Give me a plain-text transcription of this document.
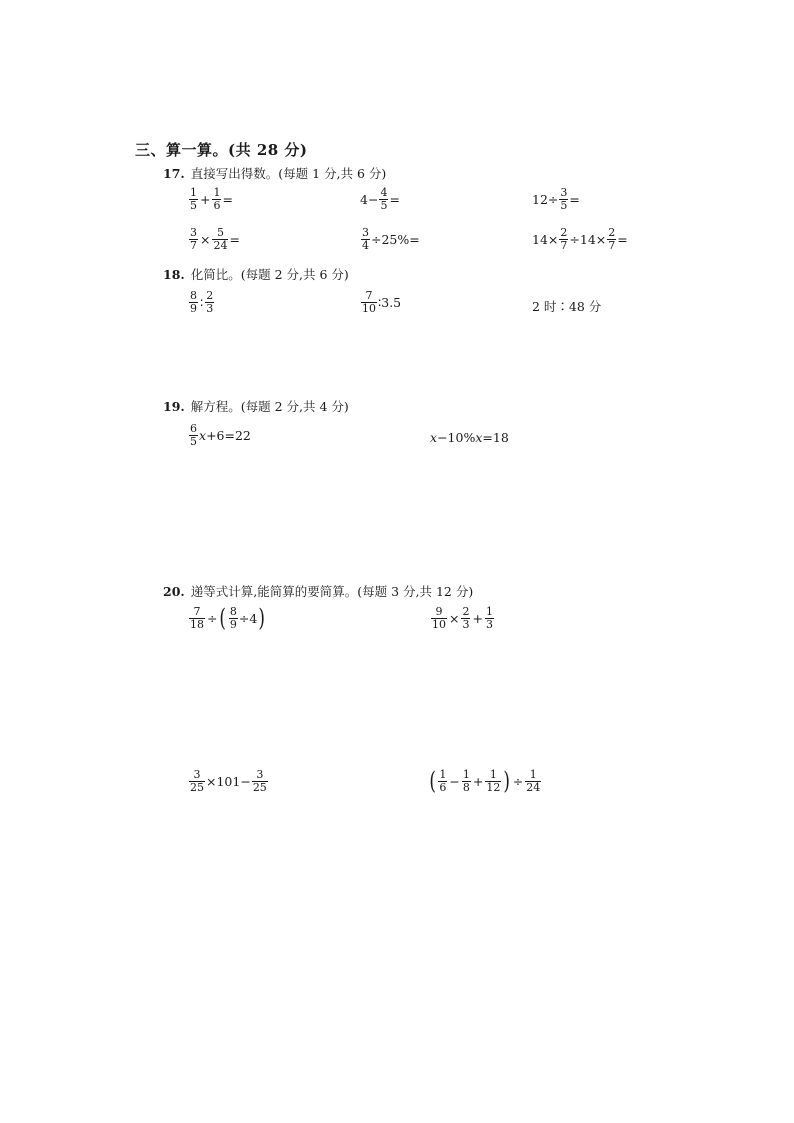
三、算一算。(共 28 分)
17. 直接写出得数。(每题 1 分,共 6 分)
$\frac{1}{5} + \frac{1}{6}$ =	$4- \frac{4}{5}$ =	$12\div \frac{3}{5}$ =
$\frac{3}{7} \times \frac{5}{24}$ =	$\frac{3}{4} \div 25\%=$	$14\times \frac{2}{7} \div 14\times \frac{2}{7}$ =
18. 化简比。(每题 2 分,共 6 分)
$\frac{8}{9}$ ∶ $\frac{2}{3}$	$\frac{7}{10}$ ∶3.5	2 时∶48 分
19. 解方程。(每题 2 分,共 4 分)
$\frac{6}{5}$ x +6=22	x −10% x =18
20. 递等式计算,能简算的要简算。(每题 3 分,共 12 分)
$\frac{7}{18}$ ÷ ( $\frac{8}{9} \div 4$ )	$\frac{9}{10} \times \frac{2}{3} + \frac{1}{3}$
$\frac{3}{25} \times 101- \frac{3}{25}$	( $\frac{1}{6} - \frac{1}{8} + \frac{1}{12}$ ) ÷ $\frac{1}{24}$
